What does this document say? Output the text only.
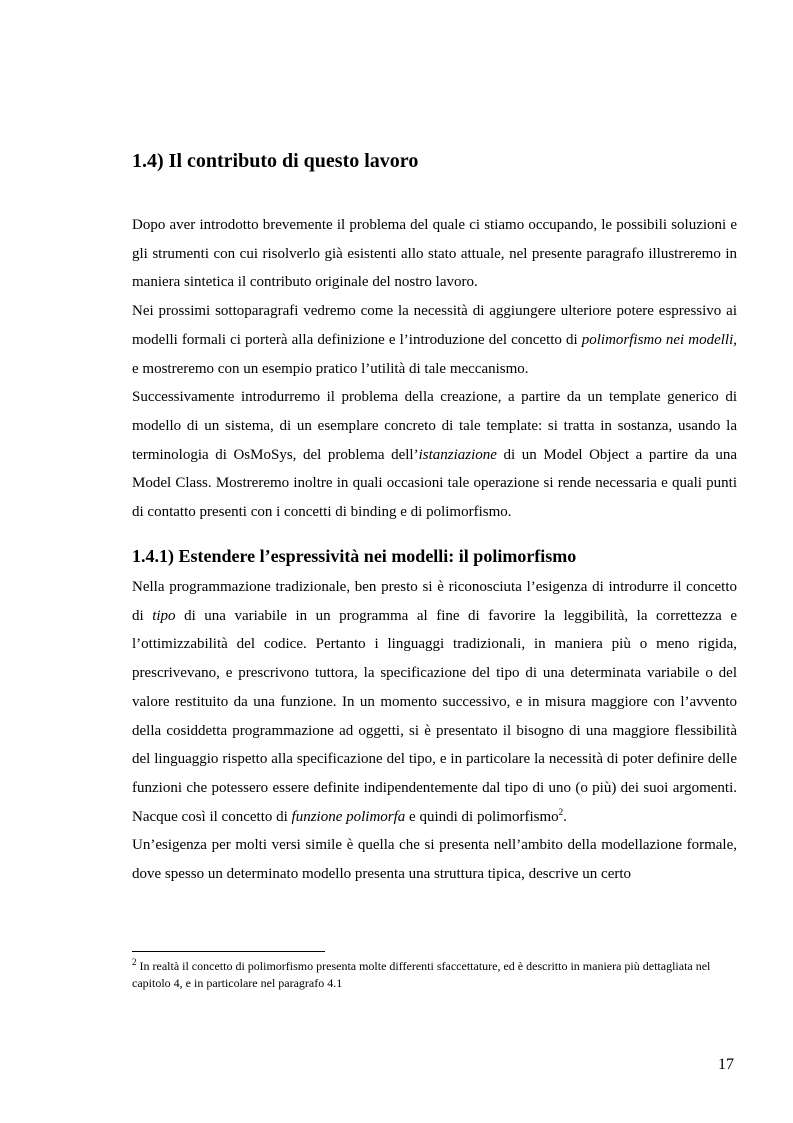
1.4) Il contributo di questo lavoro

Dopo aver introdotto brevemente il problema del quale ci stiamo occupando, le possibili soluzioni e gli strumenti con cui risolverlo già esistenti allo stato attuale, nel presente paragrafo illustreremo in maniera sintetica il contributo originale del nostro lavoro.

Nei prossimi sottoparagrafi vedremo come la necessità di aggiungere ulteriore potere espressivo ai modelli formali ci porterà alla definizione e l’introduzione del concetto di polimorfismo nei modelli, e mostreremo con un esempio pratico l’utilità di tale meccanismo.

Successivamente introdurremo il problema della creazione, a partire da un template generico di modello di un sistema, di un esemplare concreto di tale template: si tratta in sostanza, usando la terminologia di OsMoSys, del problema dell’istanziazione di un Model Object a partire da una Model Class. Mostreremo inoltre in quali occasioni tale operazione si rende necessaria e quali punti di contatto presenti con i concetti di binding e di polimorfismo.

1.4.1) Estendere l’espressività nei modelli: il polimorfismo

Nella programmazione tradizionale, ben presto si è riconosciuta l’esigenza di introdurre il concetto di tipo di una variabile in un programma al fine di favorire la leggibilità, la correttezza e l’ottimizzabilità del codice. Pertanto i linguaggi tradizionali, in maniera più o meno rigida, prescrivevano, e prescrivono tuttora, la specificazione del tipo di una determinata variabile o del valore restituito da una funzione. In un momento successivo, e in misura maggiore con l’avvento della cosiddetta programmazione ad oggetti, si è presentato il bisogno di una maggiore flessibilità del linguaggio rispetto alla specificazione del tipo, e in particolare la necessità di poter definire delle funzioni che potessero essere definite indipendentemente dal tipo di uno (o più) dei suoi argomenti. Nacque così il concetto di funzione polimorfa e quindi di polimorfismo$^2$.

Un’esigenza per molti versi simile è quella che si presenta nell’ambito della modellazione formale, dove spesso un determinato modello presenta una struttura tipica, descrive un certo

$^2$ In realtà il concetto di polimorfismo presenta molte differenti sfaccettature, ed è descritto in maniera più dettagliata nel capitolo 4, e in particolare nel paragrafo 4.1
17
